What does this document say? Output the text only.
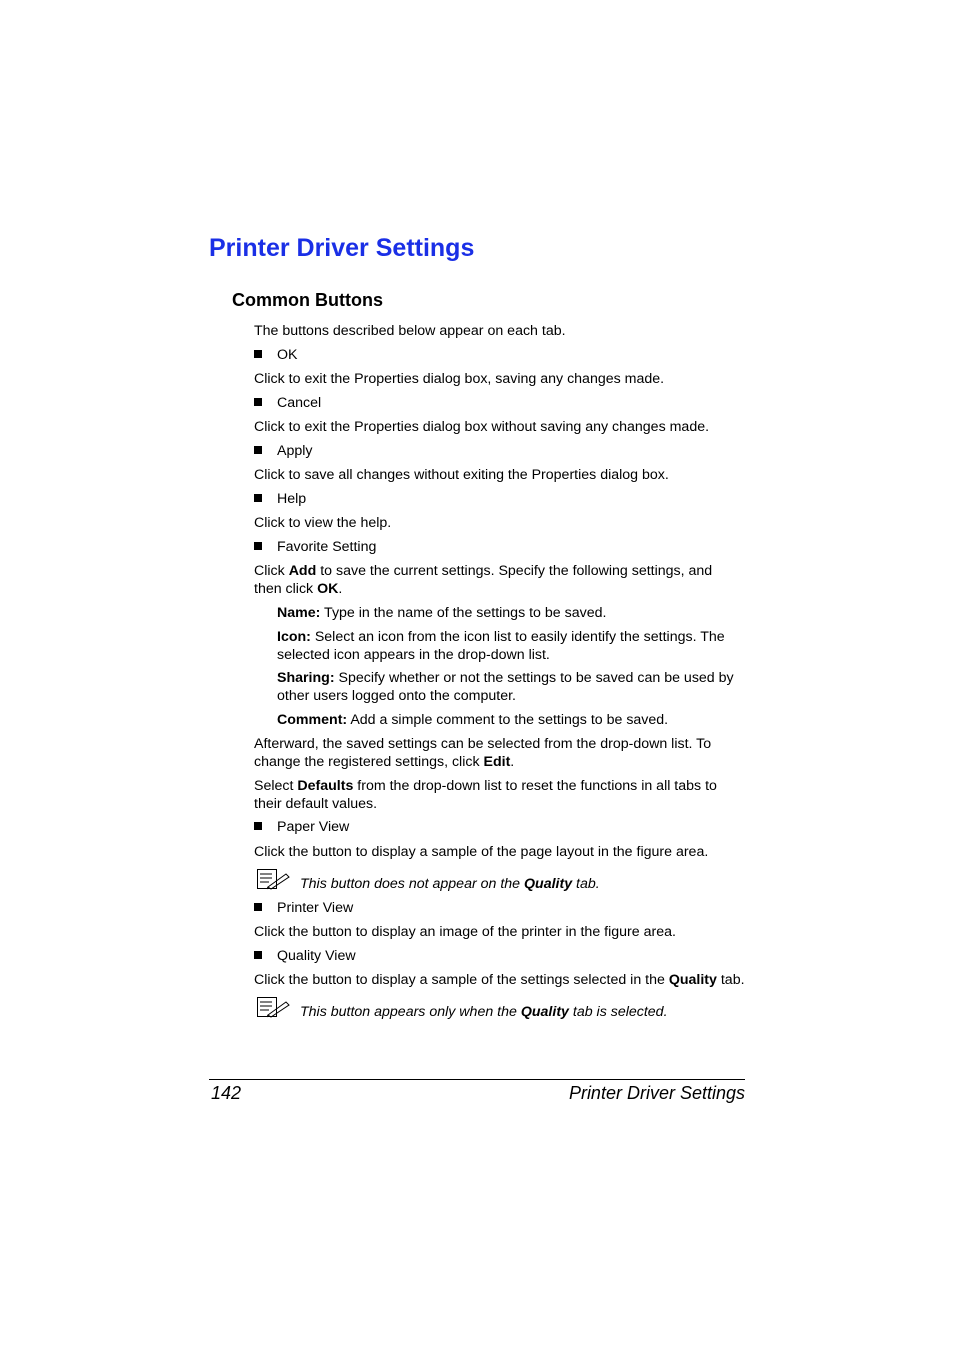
Printer Driver Settings
Common Buttons
The buttons described below appear on each tab.
OK
Click to exit the Properties dialog box, saving any changes made.
Cancel
Click to exit the Properties dialog box without saving any changes made.
Apply
Click to save all changes without exiting the Properties dialog box.
Help
Click to view the help.
Favorite Setting
Click Add to save the current settings. Specify the following settings, and
then click OK.
Name: Type in the name of the settings to be saved.
Icon: Select an icon from the icon list to easily identify the settings. The
selected icon appears in the drop-down list.
Sharing: Specify whether or not the settings to be saved can be used by
other users logged onto the computer.
Comment: Add a simple comment to the settings to be saved.
Afterward, the saved settings can be selected from the drop-down list. To
change the registered settings, click Edit.
Select Defaults from the drop-down list to reset the functions in all tabs to
their default values.
Paper View
Click the button to display a sample of the page layout in the figure area.
This button does not appear on the Quality tab.
Printer View
Click the button to display an image of the printer in the figure area.
Quality View
Click the button to display a sample of the settings selected in the Quality tab.
This button appears only when the Quality tab is selected.
142	Printer Driver Settings
